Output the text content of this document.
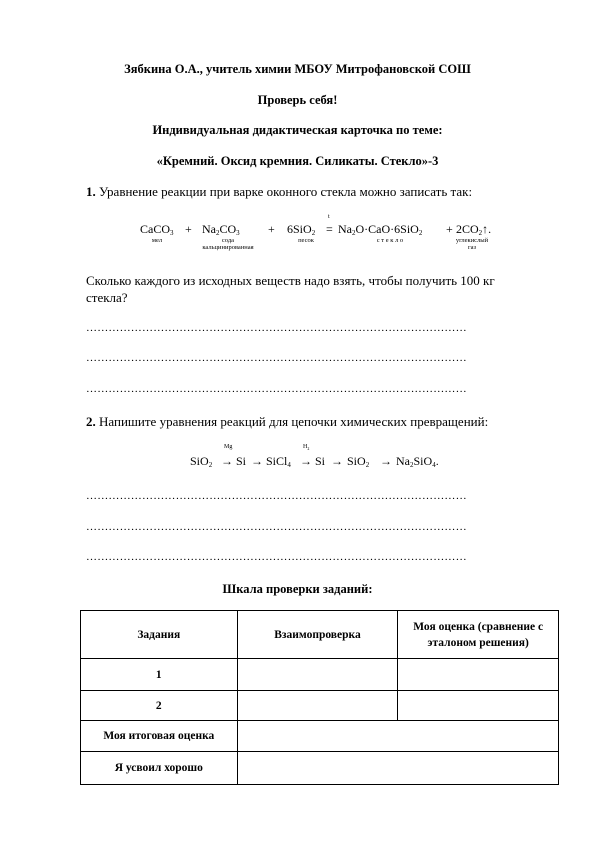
Зябкина О.А., учитель химии МБОУ Митрофановской СОШ
Проверь себя!
Индивидуальная дидактическая карточка по теме:
«Кремний. Оксид кремния. Силикаты. Стекло»-3
1. Уравнение реакции при варке оконного стекла можно записать так:
CaCO$_3$
мел
+ $Na_2CO_3$
сода кальцинированная
+ 6SiO$_2$
песок
t
= $Na_2O\cdot CaO\cdot 6SiO_2$
с т е к л о
+ $2CO_2↑$.
углекислый газ
Сколько каждого из исходных веществ надо взять, чтобы получить 100 кг стекла?
…………………………………………………………………………………………
…………………………………………………………………………………………
…………………………………………………………………………………………
2. Напишите уравнения реакций для цепочки химических превращений:
SiO$_2$
Mg
→ Si → SiCl$_4$
$H_2$
→ $Si \to SiO_2 \to Na_2SiO_4$.
…………………………………………………………………………………………
…………………………………………………………………………………………
…………………………………………………………………………………………
Шкала проверки заданий:
Задания	Взаимопроверка	Моя оценка (сравнение с эталоном решения)
1		
2		
Моя итоговая оценка		
Я усвоил хорошо		
